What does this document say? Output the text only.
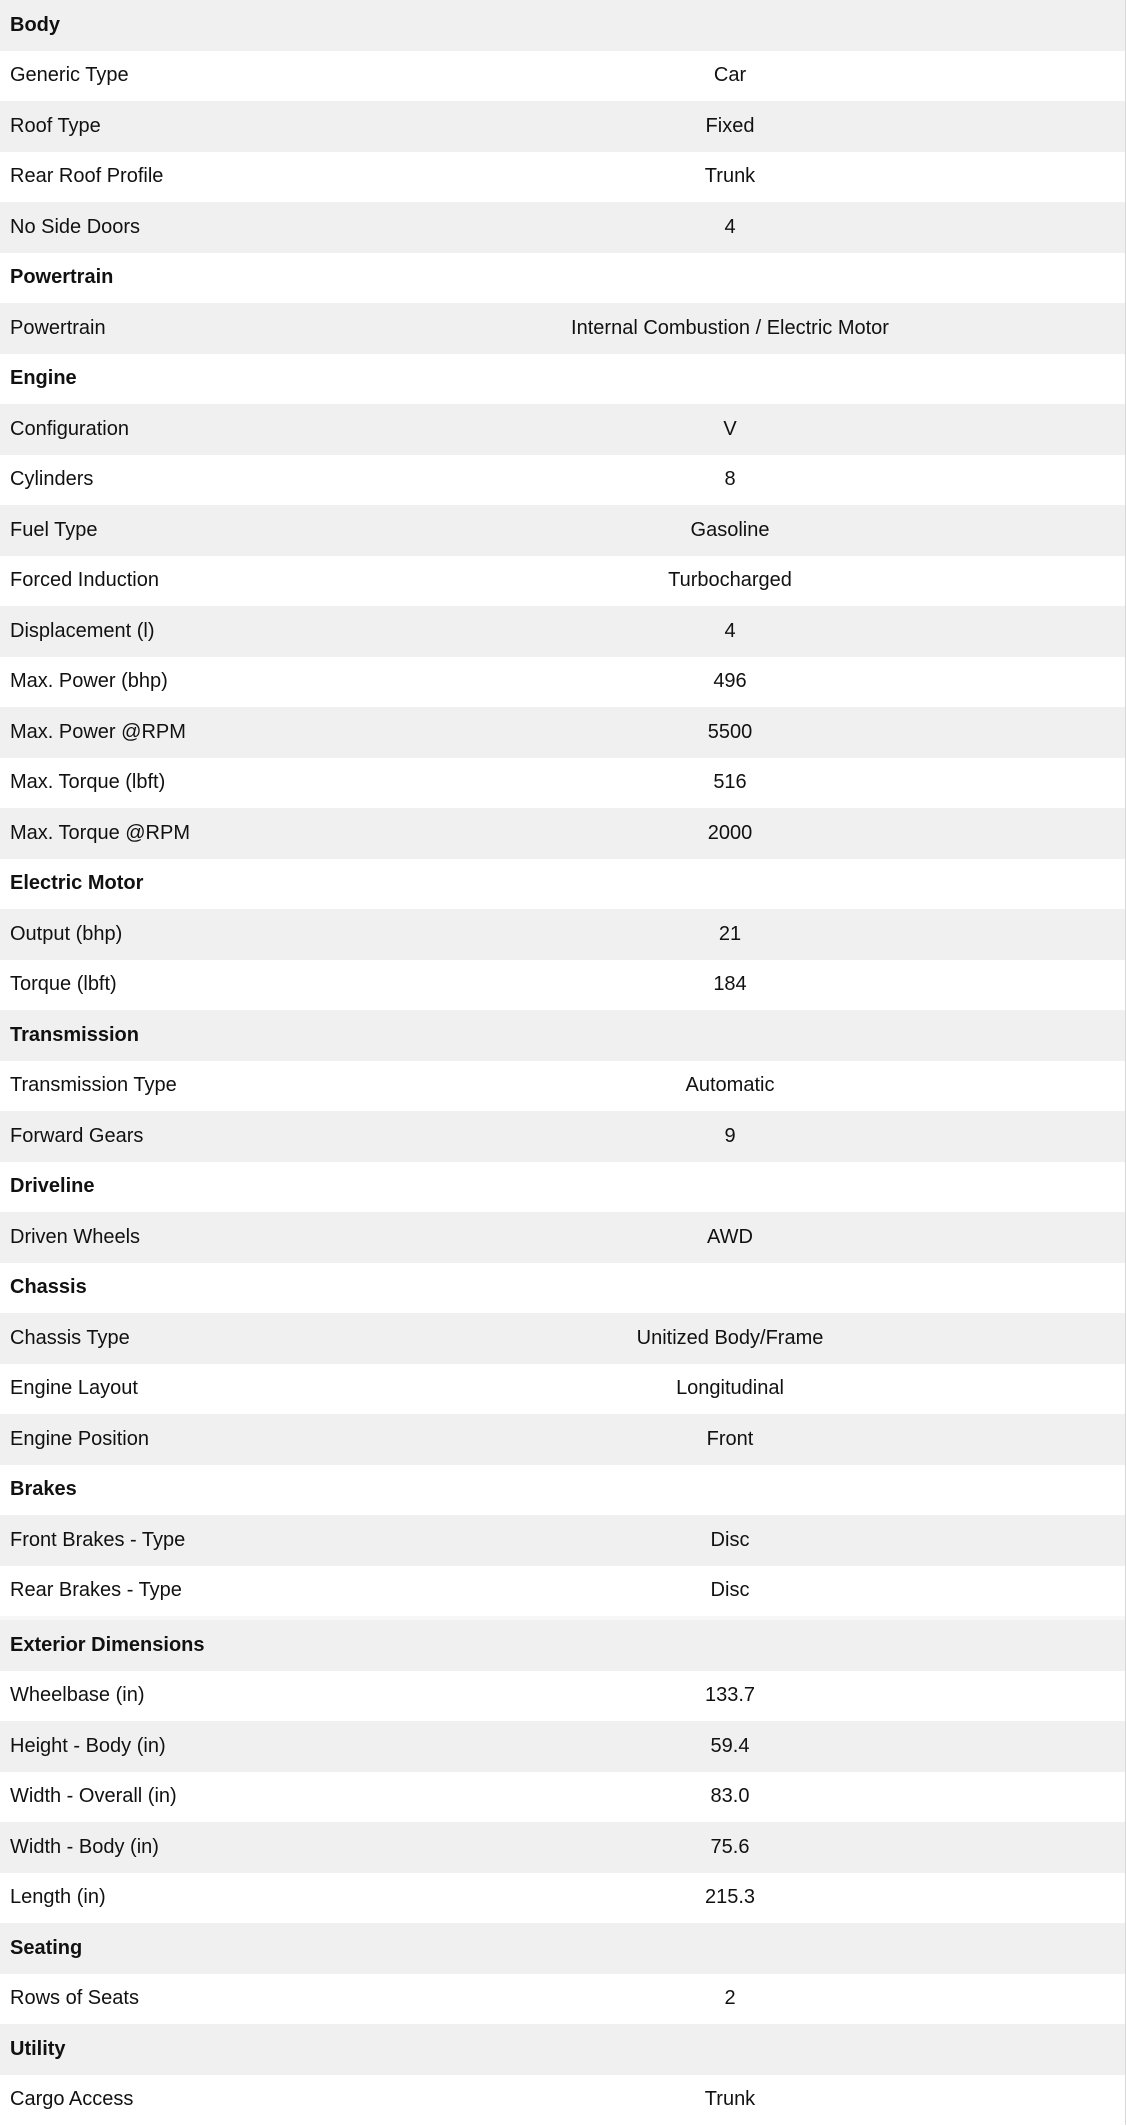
Body
Generic Type	Car
Roof Type	Fixed
Rear Roof Profile	Trunk
No Side Doors	4
Powertrain
Powertrain	Internal Combustion / Electric Motor
Engine
Configuration	V
Cylinders	8
Fuel Type	Gasoline
Forced Induction	Turbocharged
Displacement (l)	4
Max. Power (bhp)	496
Max. Power @RPM	5500
Max. Torque (lbft)	516
Max. Torque @RPM	2000
Electric Motor
Output (bhp)	21
Torque (lbft)	184
Transmission
Transmission Type	Automatic
Forward Gears	9
Driveline
Driven Wheels	AWD
Chassis
Chassis Type	Unitized Body/Frame
Engine Layout	Longitudinal
Engine Position	Front
Brakes
Front Brakes - Type	Disc
Rear Brakes - Type	Disc
Exterior Dimensions
Wheelbase (in)	133.7
Height - Body (in)	59.4
Width - Overall (in)	83.0
Width - Body (in)	75.6
Length (in)	215.3
Seating
Rows of Seats	2
Utility
Cargo Access	Trunk
